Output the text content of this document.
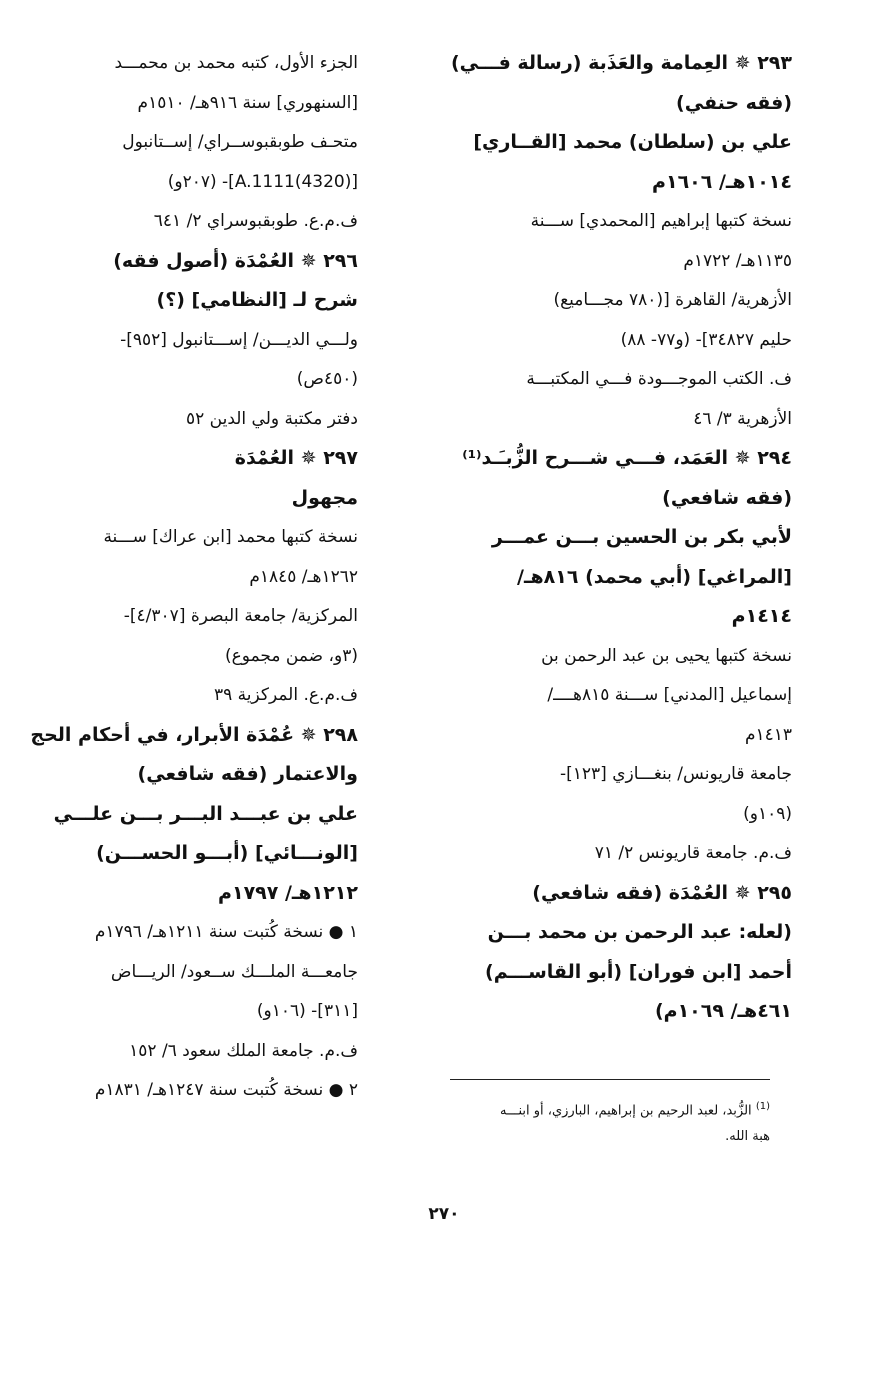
٢٩٣ ✵ العِمامة والعَذَبة (رسالة فـــي)
(فقه حنفي)
علي بن (سلطان) محمد [القــاري]
١٠١٤هـ/ ١٦٠٦م
نسخة كتبها إبراهيم [المحمدي] ســـنة
١١٣٥هـ/ ١٧٢٢م
الأزهرية/ القاهرة [(٧٨٠ مجـــاميع)
حليم ٣٤٨٢٧]- (و٧٧- ٨٨)
ف. الكتب الموجـــودة فـــي المكتبـــة
الأزهرية ٣/ ٤٦
٢٩٤ ✵ العَمَد، فـــي شـــرح الزُّبـَـد⁽¹⁾
(فقه شافعي)
لأبي بكر بن الحسين بـــن عمـــر
[المراغي] (أبي محمد) ٨١٦هـ/
١٤١٤م
نسخة كتبها يحيى بن عبد الرحمن بن
إسماعيل [المدني] ســـنة ٨١٥هــــ/
١٤١٣م
جامعة قاريونس/ بنغـــازي [١٢٣]-
(١٠٩و)
ف.م. جامعة قاريونس ٢/ ٧١
٢٩٥ ✵ العُمْدَة (فقه شافعي)
(لعله: عبد الرحمن بن محمد بـــن
أحمد [ابن فوران] (أبو القاســـم)
٤٦١هـ/ ١٠٦٩م)
الجزء الأول، كتبه محمد بن محمـــد
[السنهوري] سنة ٩١٦هـ/ ١٥١٠م
متحـف طوبقبوســراي/ إســتانبول
[(4320)A.1111]- (٢٠٧و)
ف.م.ع. طوبقبوسراي ٢/ ٦٤١
٢٩٦ ✵ العُمْدَة (أصول فقه)
شرح لـ [النظامي] (؟)
ولـــي الديـــن/ إســـتانبول [٩٥٢]-
(٤٥٠ص)
دفتر مكتبة ولي الدين ٥٢
٢٩٧ ✵ العُمْدَة
مجهول
نسخة كتبها محمد [ابن عراك] ســـنة
١٢٦٢هـ/ ١٨٤٥م
المركزية/ جامعة البصرة [٤/٣٠٧]-
(٣و، ضمن مجموع)
ف.م.ع. المركزية ٣٩
٢٩٨ ✵ عُمْدَة الأبرار، في أحكام الحج
والاعتمار (فقه شافعي)
علي بن عبـــد البـــر بـــن علـــي
[الونـــائي] (أبـــو الحســـن)
١٢١٢هـ/ ١٧٩٧م
١ ● نسخة كُتبت سنة ١٢١١هـ/ ١٧٩٦م
جامعـــة الملـــك ســعود/ الريـــاض
[٣١١]- (١٠٦و)
ف.م. جامعة الملك سعود ٦/ ١٥٢
٢ ● نسخة كُتبت سنة ١٢٤٧هـ/ ١٨٣١م
$^{(1)}$ الزُّبد، لعبد الرحيم بن إبراهيم، البارزي، أو ابنـــه
هبة الله.
٢٧٠
